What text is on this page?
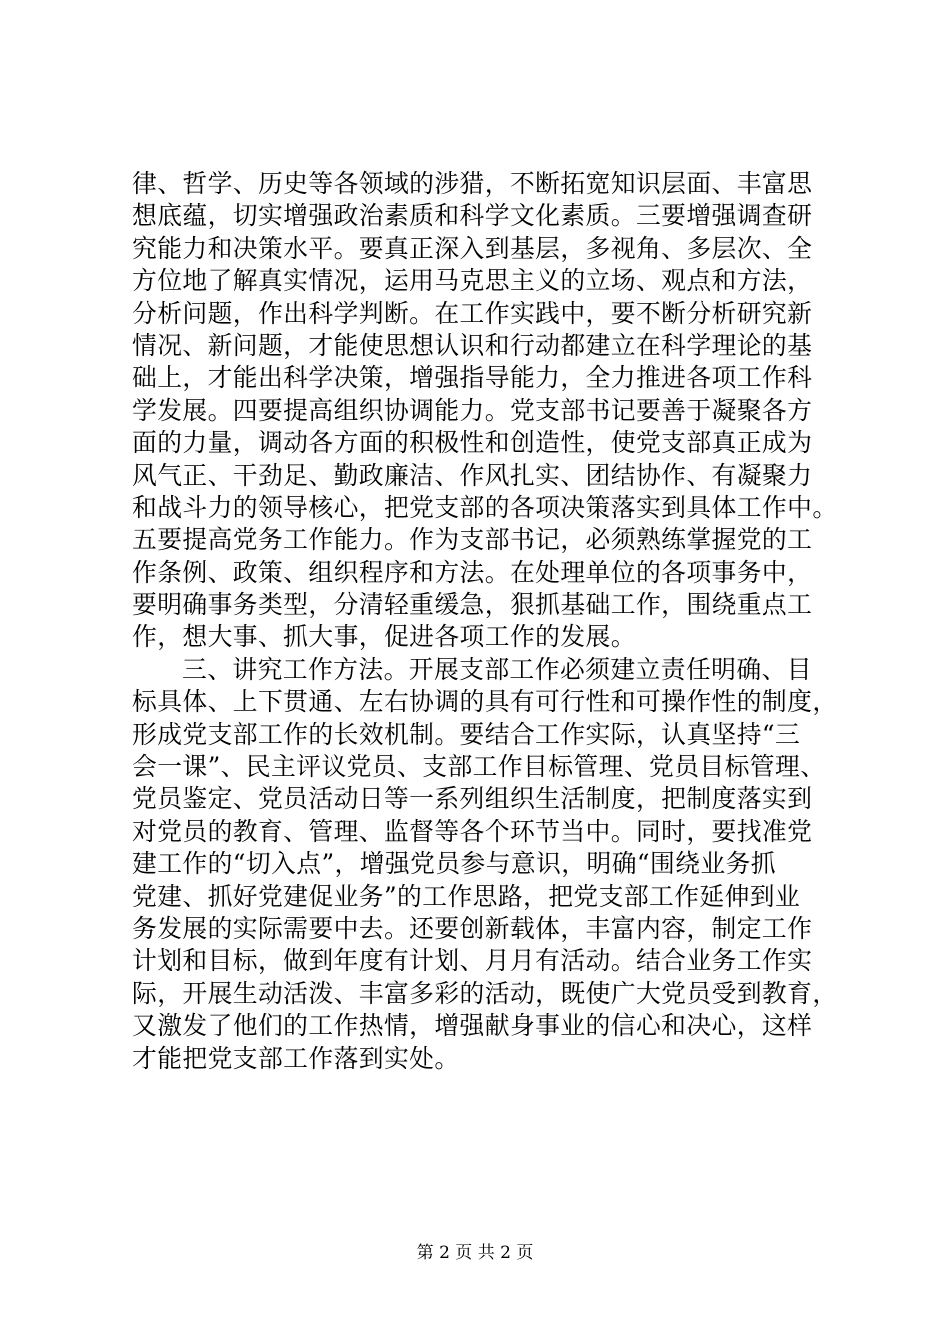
律、哲学、历史等各领域的涉猎，不断拓宽知识层面、丰富思
想底蕴，切实增强政治素质和科学文化素质。三要增强调查研
究能力和决策水平。要真正深入到基层，多视角、多层次、全
方位地了解真实情况，运用马克思主义的立场、观点和方法，
分析问题，作出科学判断。在工作实践中，要不断分析研究新
情况、新问题，才能使思想认识和行动都建立在科学理论的基
础上，才能出科学决策，增强指导能力，全力推进各项工作科
学发展。四要提高组织协调能力。党支部书记要善于凝聚各方
面的力量，调动各方面的积极性和创造性，使党支部真正成为
风气正、干劲足、勤政廉洁、作风扎实、团结协作、有凝聚力
和战斗力的领导核心，把党支部的各项决策落实到具体工作中。
五要提高党务工作能力。作为支部书记，必须熟练掌握党的工
作条例、政策、组织程序和方法。在处理单位的各项事务中，
要明确事务类型，分清轻重缓急，狠抓基础工作，围绕重点工
作，想大事、抓大事，促进各项工作的发展。
三、讲究工作方法。开展支部工作必须建立责任明确、目
标具体、上下贯通、左右协调的具有可行性和可操作性的制度，
形成党支部工作的长效机制。要结合工作实际，认真坚持“三
会一课”、民主评议党员、支部工作目标管理、党员目标管理、
党员鉴定、党员活动日等一系列组织生活制度，把制度落实到
对党员的教育、管理、监督等各个环节当中。同时，要找准党
建工作的“切入点”，增强党员参与意识，明确“围绕业务抓
党建、抓好党建促业务”的工作思路，把党支部工作延伸到业
务发展的实际需要中去。还要创新载体，丰富内容，制定工作
计划和目标，做到年度有计划、月月有活动。结合业务工作实
际，开展生动活泼、丰富多彩的活动，既使广大党员受到教育，
又激发了他们的工作热情，增强献身事业的信心和决心，这样
才能把党支部工作落到实处。
第 2 页 共 2 页
